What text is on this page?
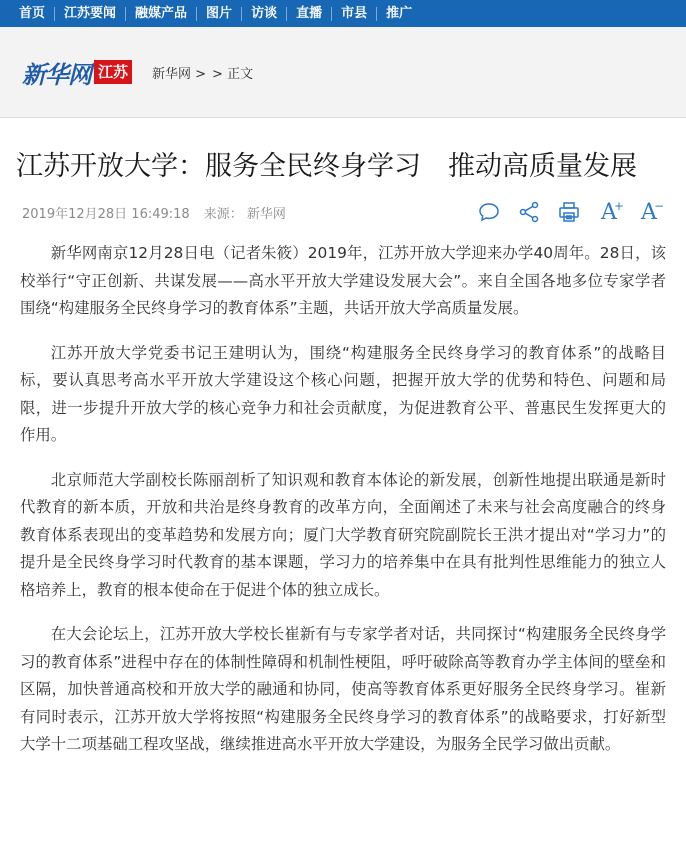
首页	江苏要闻	融媒产品	图片	访谈	直播	市县	推广
新华网 江苏	新华网 > > 正文
江苏开放大学：服务全民终身学习　推动高质量发展
2019年12月28日 16:49:18 来源： 新华网	A
+ A
−

新华网南京12月28日电（记者朱筱）2019年，江苏开放大学迎来办学40周年。28日，该校举行“守正创新、共谋发展——高水平开放大学建设发展大会”。来自全国各地多位专家学者围绕“构建服务全民终身学习的教育体系”主题，共话开放大学高质量发展。

江苏开放大学党委书记王建明认为，围绕“构建服务全民终身学习的教育体系”的战略目标，要认真思考高水平开放大学建设这个核心问题，把握开放大学的优势和特色、问题和局限，进一步提升开放大学的核心竞争力和社会贡献度，为促进教育公平、普惠民生发挥更大的作用。

北京师范大学副校长陈丽剖析了知识观和教育本体论的新发展，创新性地提出联通是新时代教育的新本质，开放和共治是终身教育的改革方向，全面阐述了未来与社会高度融合的终身教育体系表现出的变革趋势和发展方向；厦门大学教育研究院副院长王洪才提出对“学习力”的提升是全民终身学习时代教育的基本课题，学习力的培养集中在具有批判性思维能力的独立人格培养上，教育的根本使命在于促进个体的独立成长。

在大会论坛上，江苏开放大学校长崔新有与专家学者对话，共同探讨“构建服务全民终身学习的教育体系”进程中存在的体制性障碍和机制性梗阻，呼吁破除高等教育办学主体间的壁垒和区隔，加快普通高校和开放大学的融通和协同，使高等教育体系更好服务全民终身学习。崔新有同时表示，江苏开放大学将按照“构建服务全民终身学习的教育体系”的战略要求，打好新型大学十二项基础工程攻坚战，继续推进高水平开放大学建设，为服务全民学习做出贡献。
